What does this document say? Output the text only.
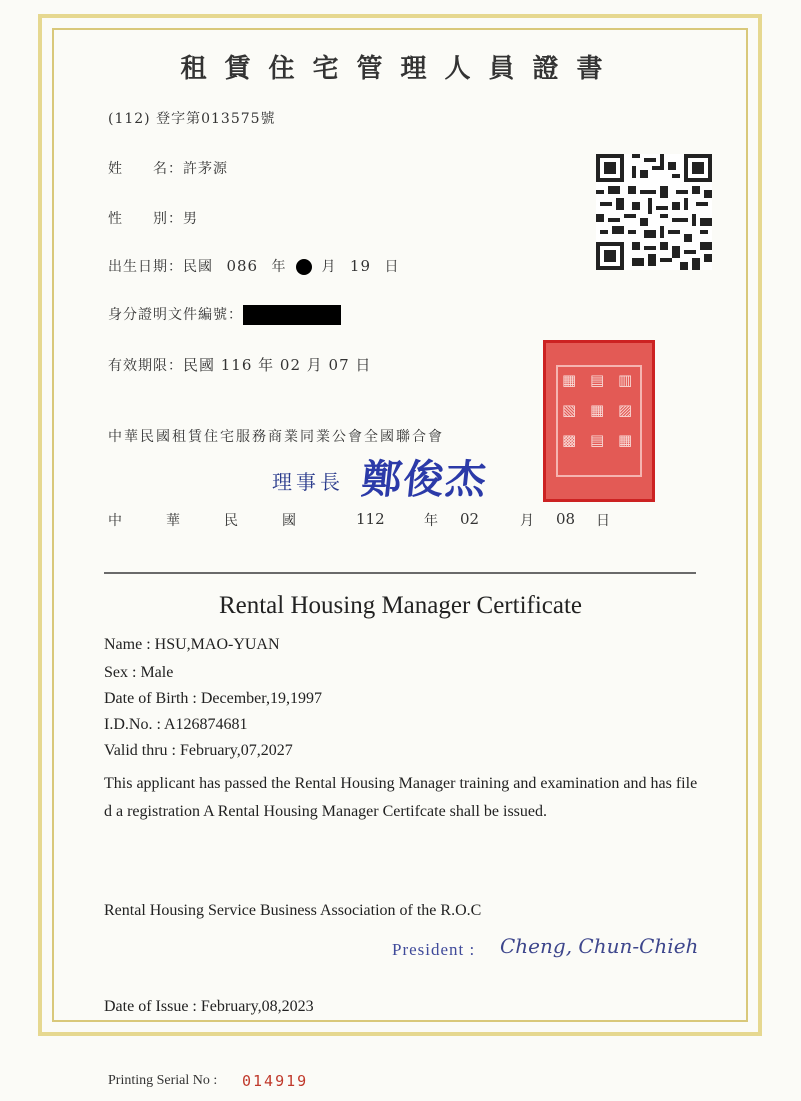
租賃住宅管理人員證書
(112) 登字第013575號
姓　　名：許茅源
性　　別：男
出生日期：民國 086 年 月 19 日
身分證明文件編號：
有效期限：民國 116 年 02 月 07 日
▦ ▤ ▥
▧ ▦ ▨
▩ ▤ ▦
中華民國租賃住宅服務商業同業公會全國聯合會
理事長 鄭俊杰
中	華	民	國	112	年 02	月 08 日
Rental Housing Manager Certificate
Name : HSU,MAO-YUAN
Sex : Male
Date of Birth : December,19,1997
I.D.No. : A126874681
Valid thru : February,07,2027
This applicant has passed the Rental Housing Manager training and examination and has filed a registration A Rental Housing Manager Certifcate shall be issued.
Rental Housing Service Business Association of the R.O.C
President : Cheng, Chun-Chieh
Date of Issue : February,08,2023
Printing Serial No : 014919
